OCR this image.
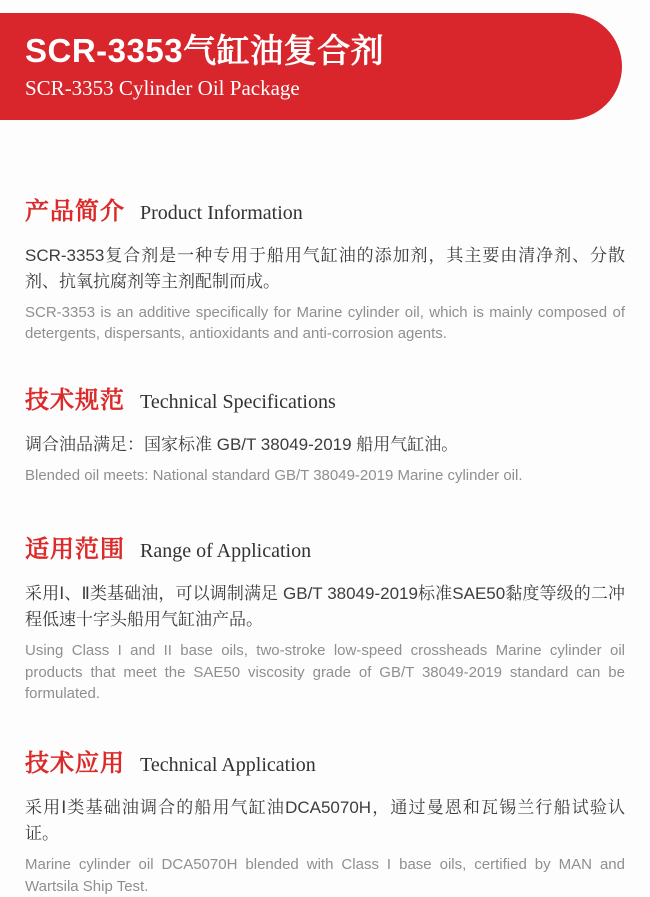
SCR-3353气缸油复合剂
SCR-3353 Cylinder Oil Package
产品简介 Product Information

SCR-3353复合剂是一种专用于船用气缸油的添加剂，其主要由清净剂、分散剂、抗氧抗腐剂等主剂配制而成。

SCR-3353 is an additive specifically for Marine cylinder oil, which is mainly composed of detergents, dispersants, antioxidants and anti-corrosion agents.

技术规范 Technical Specifications

调合油品满足：国家标准 GB/T 38049-2019 船用气缸油。

Blended oil meets: National standard GB/T 38049-2019 Marine cylinder oil.

适用范围 Range of Application

采用Ⅰ、Ⅱ类基础油，可以调制满足 GB/T 38049-2019标准SAE50黏度等级的二冲程低速十字头船用气缸油产品。

Using Class I and II base oils, two-stroke low-speed crossheads Marine cylinder oil products that meet the SAE50 viscosity grade of GB/T 38049-2019 standard can be formulated.

技术应用 Technical Application

采用Ⅰ类基础油调合的船用气缸油DCA5070H，通过曼恩和瓦锡兰行船试验认证。

Marine cylinder oil DCA5070H blended with Class I base oils, certified by MAN and Wartsila Ship Test.
